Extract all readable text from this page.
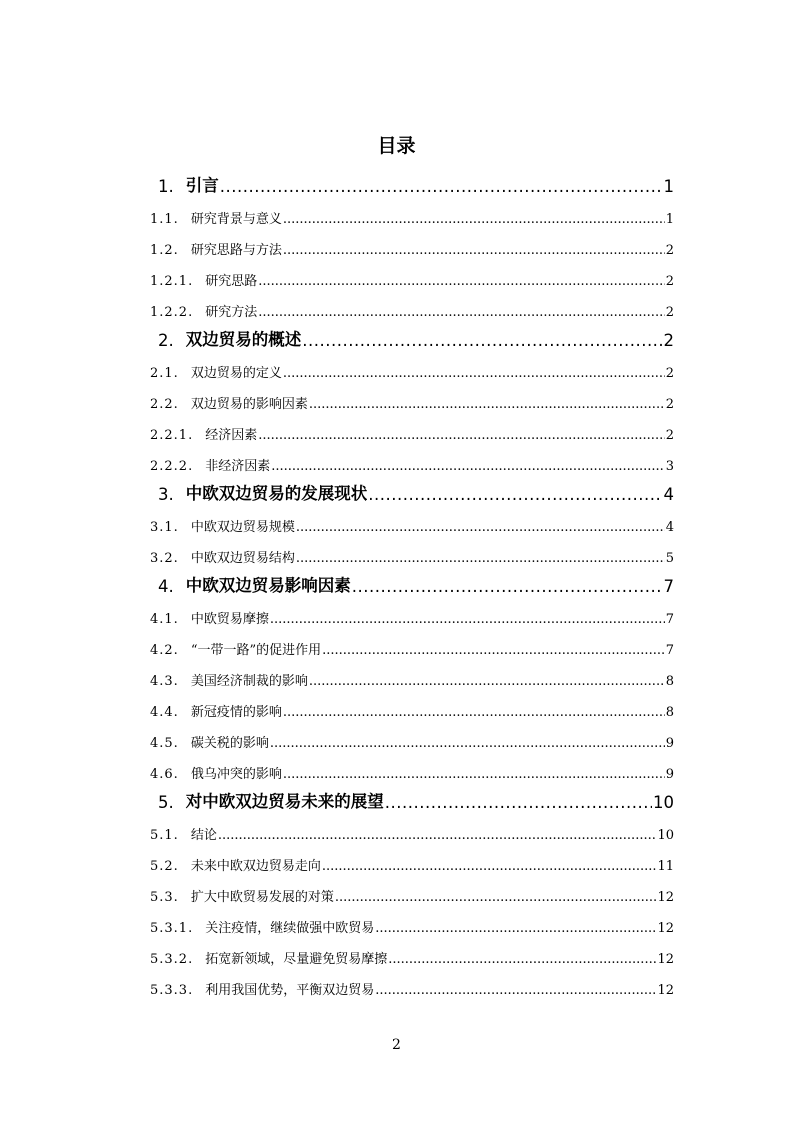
目录
1. 引言 .....	1
1.1. 研究背景与意义 .....	1
1.2. 研究思路与方法 .....	2
1.2.1. 研究思路 .....	2
1.2.2. 研究方法 .....	2
2. 双边贸易的概述 .....	2
2.1. 双边贸易的定义 .....	2
2.2. 双边贸易的影响因素 .....	2
2.2.1. 经济因素 .....	2
2.2.2. 非经济因素 .....	3
3. 中欧双边贸易的发展现状 .....	4
3.1. 中欧双边贸易规模 .....	4
3.2. 中欧双边贸易结构 .....	5
4. 中欧双边贸易影响因素 .....	7
4.1. 中欧贸易摩擦 .....	7
4.2. “一带一路”的促进作用 .....	7
4.3. 美国经济制裁的影响 .....	8
4.4. 新冠疫情的影响 .....	8
4.5. 碳关税的影响 .....	9
4.6. 俄乌冲突的影响 .....	9
5. 对中欧双边贸易未来的展望 .....	10
5.1. 结论 .....	10
5.2. 未来中欧双边贸易走向 .....	11
5.3. 扩大中欧贸易发展的对策 .....	12
5.3.1. 关注疫情，继续做强中欧贸易 .....	12
5.3.2. 拓宽新领域，尽量避免贸易摩擦 .....	12
5.3.3. 利用我国优势，平衡双边贸易 .....	12
2
